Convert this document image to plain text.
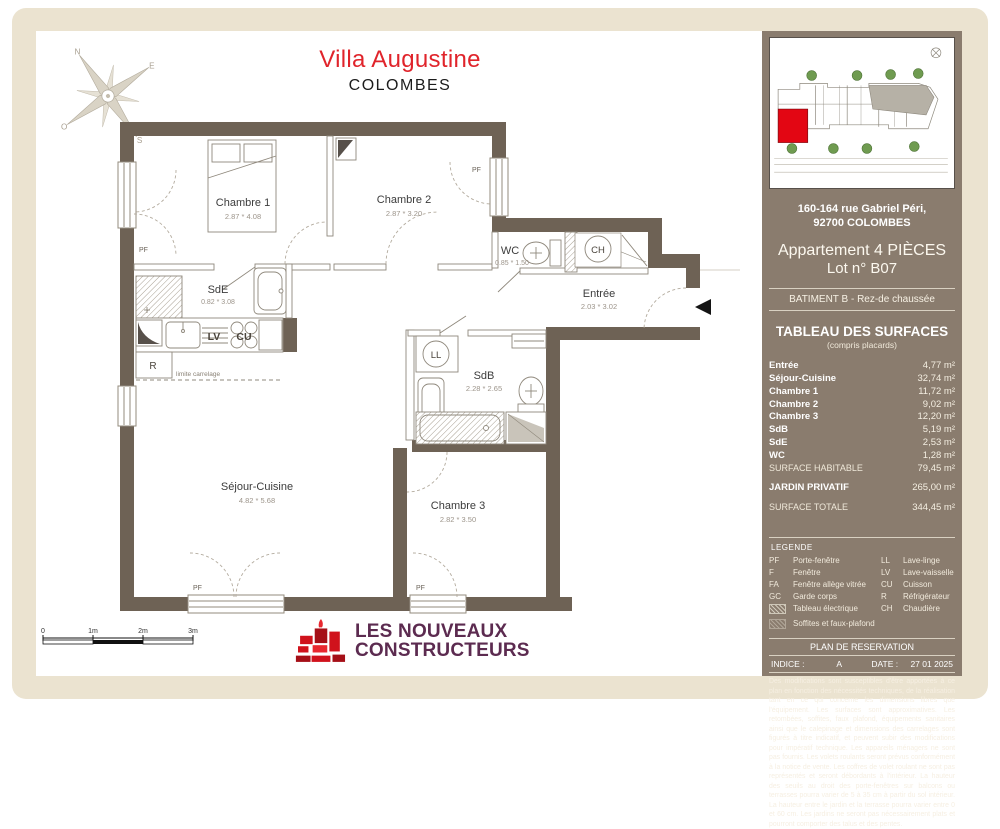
Villa Augustine
COLOMBES
N
E
S
O
Chambre 1
2.87 * 4.08
Chambre 2
2.87 * 3.20
WC
0.85 * 1.50
Entrée
2.03 * 3.02
SdE
0.82 * 3.08
SdB
2.28 * 2.65
Séjour-Cuisine
4.82 * 5.68	Chambre 3
2.82 * 3.50
LV CU
R
LL
CH
limite carrelage
PF
PF
PF	PF
0	1m	2m	3m	LES NOUVEAUX
CONSTRUCTEURS
160-164 rue Gabriel Péri,
92700 COLOMBES
Appartement 4 PIÈCES
Lot n° B07
BATIMENT B - Rez-de chaussée
TABLEAU DES SURFACES
(compris placards)
Entrée	4,77 m²
Séjour-Cuisine	32,74 m²
Chambre 1	11,72 m²
Chambre 2	9,02 m²
Chambre 3	12,20 m²
SdB	5,19 m²
SdE	2,53 m²
WC	1,28 m²
SURFACE HABITABLE	79,45 m²
JARDIN PRIVATIF	265,00 m²
SURFACE TOTALE	344,45 m²
LEGENDE
PF	Porte-fenêtre	LL	Lave-linge
F	Fenêtre	LV	Lave-vaisselle
FA	Fenêtre allège vitrée	CU	Cuisson
GC	Garde corps	R	Réfrigérateur
Tableau électrique	CH	Chaudière
Soffites et faux-plafond
PLAN DE RESERVATION
INDICE :	A	DATE :	27 01 2025
Des modifications sont susceptibles d'être apportées à ce plan en fonction des nécessités techniques, de la réalisation tant en ce qui concerne les dimensions libres que l'équipement. Les surfaces sont approximatives. Les retombées, soffites, faux plafond, équipements sanitaires ainsi que le calepinage et dimensions des carrelages sont figurés à titre indicatif, et peuvent subir des modifications pour impératif technique. Les appareils ménagers ne sont pas fournis. Les volets roulants seront prévus conformément à la notice de vente. Les coffres de volet roulant ne sont pas représentés et seront débordants à l'intérieur. La hauteur des seuils au droit des porte-fenêtres sur balcons ou terrasses pourra varier de 5 à 35 cm à partir du sol intérieur. La hauteur entre le jardin et la terrasse pourra varier entre 0 et 60 cm. Les jardins ne seront pas nécessairement plats et pourront comporter des talus et des pentes.
